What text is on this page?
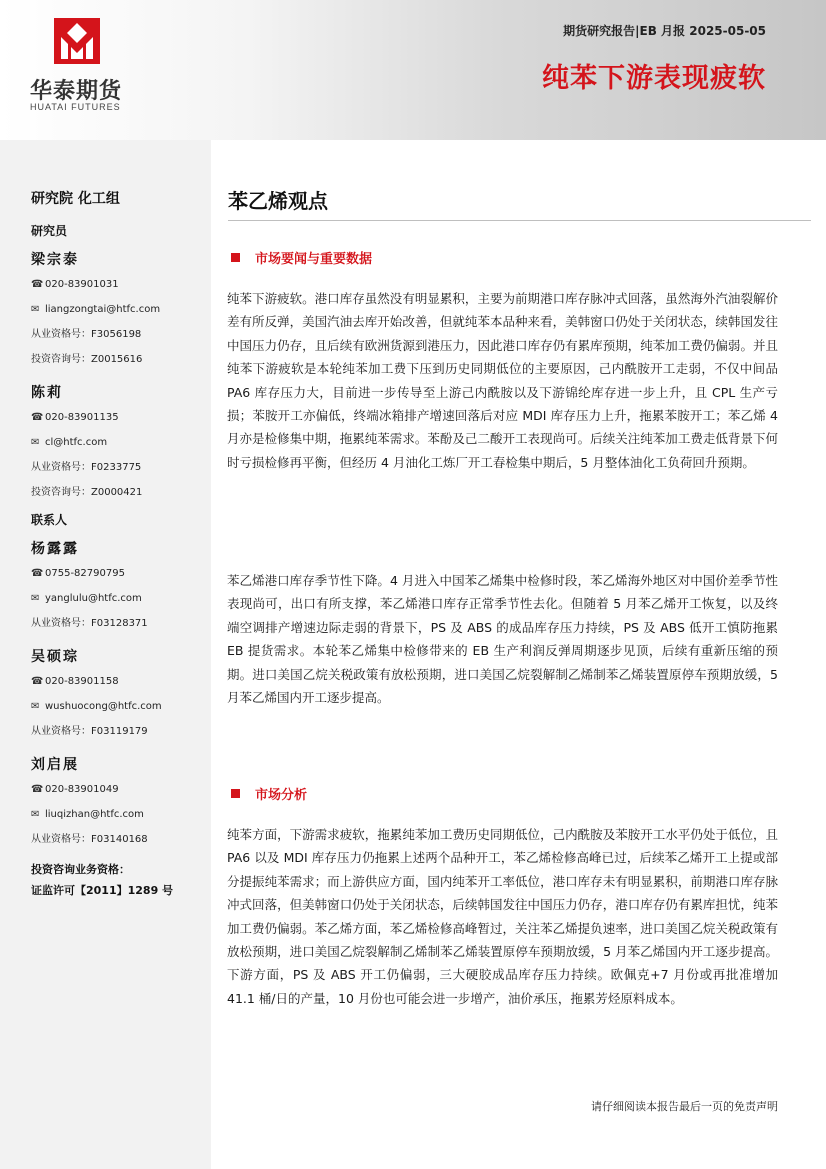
华泰期货
HUATAI FUTURES
期货研究报告|EB 月报 2025-05-05
纯苯下游表现疲软
研究院 化工组
研究员
梁宗泰
☎ 020-83901031
✉ liangzongtai@htfc.com
从业资格号：F3056198
投资咨询号：Z0015616
陈莉
☎ 020-83901135
✉ cl@htfc.com
从业资格号：F0233775
投资咨询号：Z0000421
联系人
杨露露
☎ 0755-82790795
✉ yanglulu@htfc.com
从业资格号：F03128371
吴硕琮
☎ 020-83901158
✉ wushuocong@htfc.com
从业资格号：F03119179
刘启展
☎ 020-83901049
✉ liuqizhan@htfc.com
从业资格号：F03140168
投资咨询业务资格：
证监许可【2011】1289 号
苯乙烯观点
市场要闻与重要数据

纯苯下游疲软。港口库存虽然没有明显累积，主要为前期港口库存脉冲式回落，虽然海外汽油裂解价差有所反弹，美国汽油去库开始改善，但就纯苯本品种来看，美韩窗口仍处于关闭状态，续韩国发往中国压力仍存，且后续有欧洲货源到港压力，因此港口库存仍有累库预期，纯苯加工费仍偏弱。并且纯苯下游疲软是本轮纯苯加工费下压到历史同期低位的主要原因，己内酰胺开工走弱，不仅中间品 PA6 库存压力大，目前进一步传导至上游己内酰胺以及下游锦纶库存进一步上升，且 CPL 生产亏损；苯胺开工亦偏低，终端冰箱排产增速回落后对应 MDI 库存压力上升，拖累苯胺开工；苯乙烯 4 月亦是检修集中期，拖累纯苯需求。苯酚及己二酸开工表现尚可。后续关注纯苯加工费走低背景下何时亏损检修再平衡，但经历 4 月油化工炼厂开工春检集中期后，5 月整体油化工负荷回升预期。

苯乙烯港口库存季节性下降。4 月进入中国苯乙烯集中检修时段，苯乙烯海外地区对中国价差季节性表现尚可，出口有所支撑，苯乙烯港口库存正常季节性去化。但随着 5 月苯乙烯开工恢复，以及终端空调排产增速边际走弱的背景下，PS 及 ABS 的成品库存压力持续，PS 及 ABS 低开工慎防拖累 EB 提货需求。本轮苯乙烯集中检修带来的 EB 生产利润反弹周期逐步见顶，后续有重新压缩的预期。进口美国乙烷关税政策有放松预期，进口美国乙烷裂解制乙烯制苯乙烯装置原停车预期放缓，5 月苯乙烯国内开工逐步提高。

市场分析

纯苯方面，下游需求疲软，拖累纯苯加工费历史同期低位，己内酰胺及苯胺开工水平仍处于低位，且 PA6 以及 MDI 库存压力仍拖累上述两个品种开工，苯乙烯检修高峰已过，后续苯乙烯开工上提或部分提振纯苯需求；而上游供应方面，国内纯苯开工率低位，港口库存未有明显累积，前期港口库存脉冲式回落，但美韩窗口仍处于关闭状态，后续韩国发往中国压力仍存，港口库存仍有累库担忧，纯苯加工费仍偏弱。苯乙烯方面，苯乙烯检修高峰暂过，关注苯乙烯提负速率，进口美国乙烷关税政策有放松预期，进口美国乙烷裂解制乙烯制苯乙烯装置原停车预期放缓，5 月苯乙烯国内开工逐步提高。下游方面，PS 及 ABS 开工仍偏弱，三大硬胶成品库存压力持续。欧佩克+7 月份或再批准增加 41.1 桶/日的产量，10 月份也可能会进一步增产，油价承压，拖累芳烃原料成本。

请仔细阅读本报告最后一页的免责声明
